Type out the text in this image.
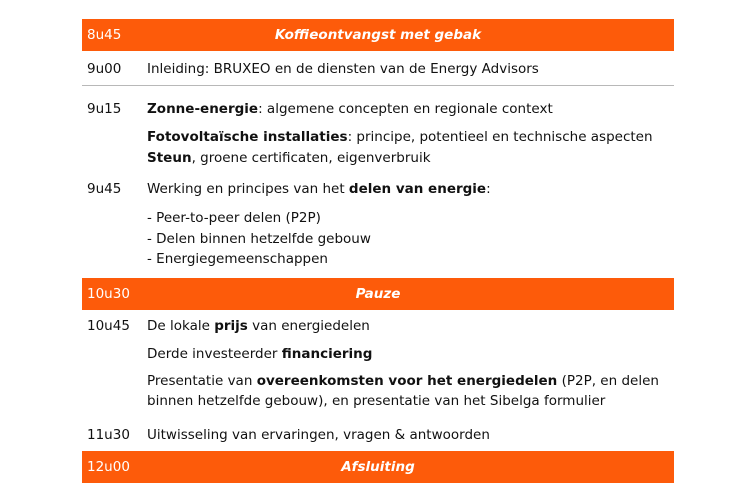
8u45	Koffieontvangst met gebak
9u00 Inleiding: BRUXEO en de diensten van de Energy Advisors
9u15 Zonne-energie: algemene concepten en regionale context
Fotovoltaïsche installaties: principe, potentieel en technische aspecten
Steun, groene certificaten, eigenverbruik
9u45 Werking en principes van het delen van energie:
- Peer-to-peer delen (P2P)
- Delen binnen hetzelfde gebouw
- Energiegemeenschappen
10u30	Pauze
10u45 De lokale prijs van energiedelen
Derde investeerder financiering
Presentatie van overeenkomsten voor het energiedelen (P2P, en delen
binnen hetzelfde gebouw), en presentatie van het Sibelga formulier
11u30 Uitwisseling van ervaringen, vragen & antwoorden
12u00	Afsluiting
